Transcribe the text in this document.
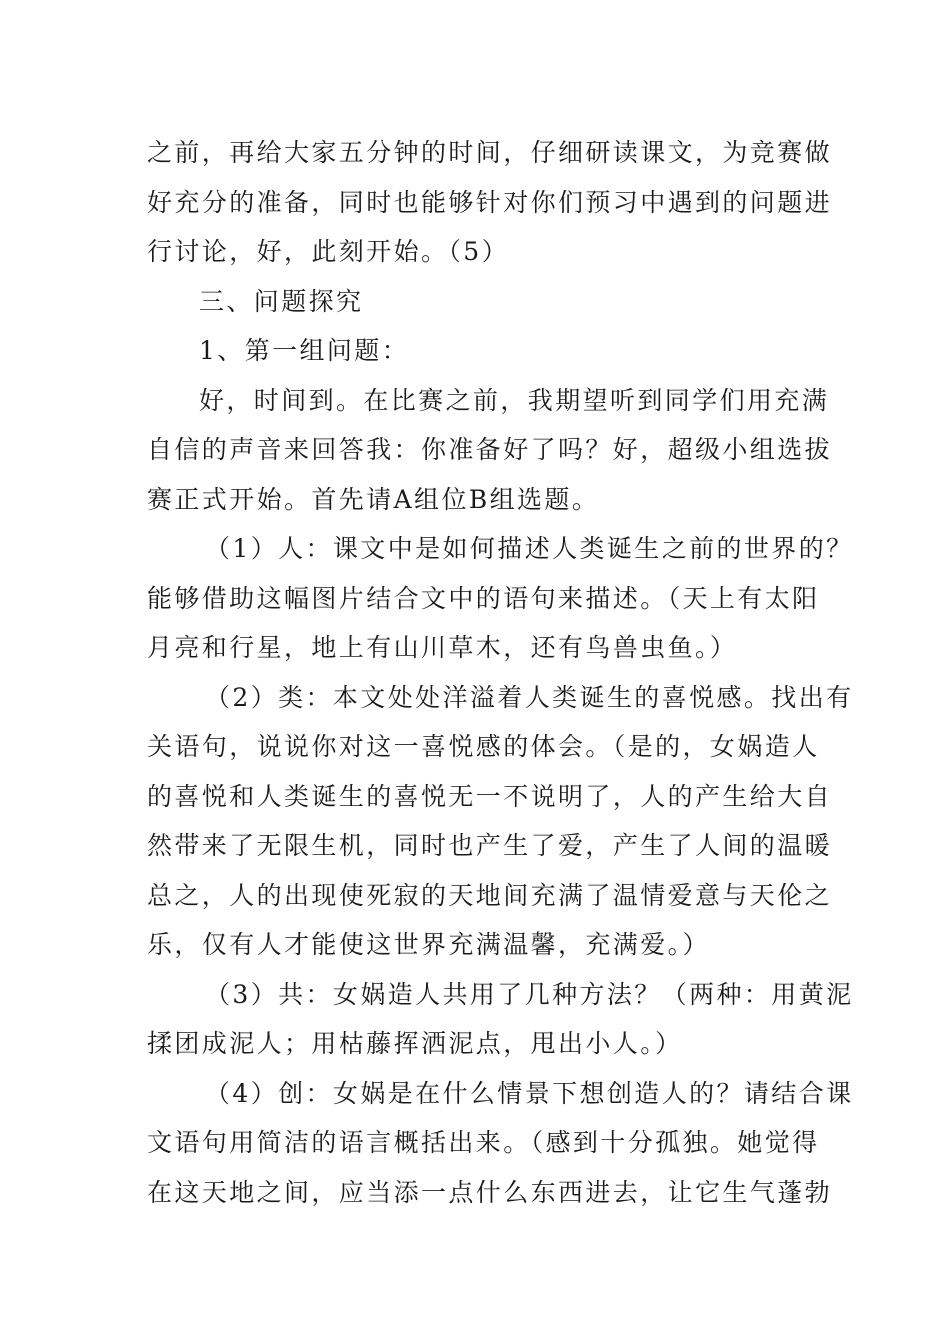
之前，再给大家五分钟的时间，仔细研读课文，为竞赛做
好充分的准备，同时也能够针对你们预习中遇到的问题进
行讨论，好，此刻开始。（5）
三、问题探究
1、第一组问题：
好，时间到。在比赛之前，我期望听到同学们用充满
自信的声音来回答我：你准备好了吗？好，超级小组选拔
赛正式开始。首先请A组位B组选题。
（1）人：课文中是如何描述人类诞生之前的世界的？
能够借助这幅图片结合文中的语句来描述。（天上有太阳
月亮和行星，地上有山川草木，还有鸟兽虫鱼。）
（2）类：本文处处洋溢着人类诞生的喜悦感。找出有
关语句，说说你对这一喜悦感的体会。（是的，女娲造人
的喜悦和人类诞生的喜悦无一不说明了，人的产生给大自
然带来了无限生机，同时也产生了爱，产生了人间的温暖
总之，人的出现使死寂的天地间充满了温情爱意与天伦之
乐，仅有人才能使这世界充满温馨，充满爱。）
（3）共：女娲造人共用了几种方法？（两种：用黄泥
揉团成泥人；用枯藤挥洒泥点，甩出小人。）
（4）创：女娲是在什么情景下想创造人的？请结合课
文语句用简洁的语言概括出来。（感到十分孤独。她觉得
在这天地之间，应当添一点什么东西进去，让它生气蓬勃
